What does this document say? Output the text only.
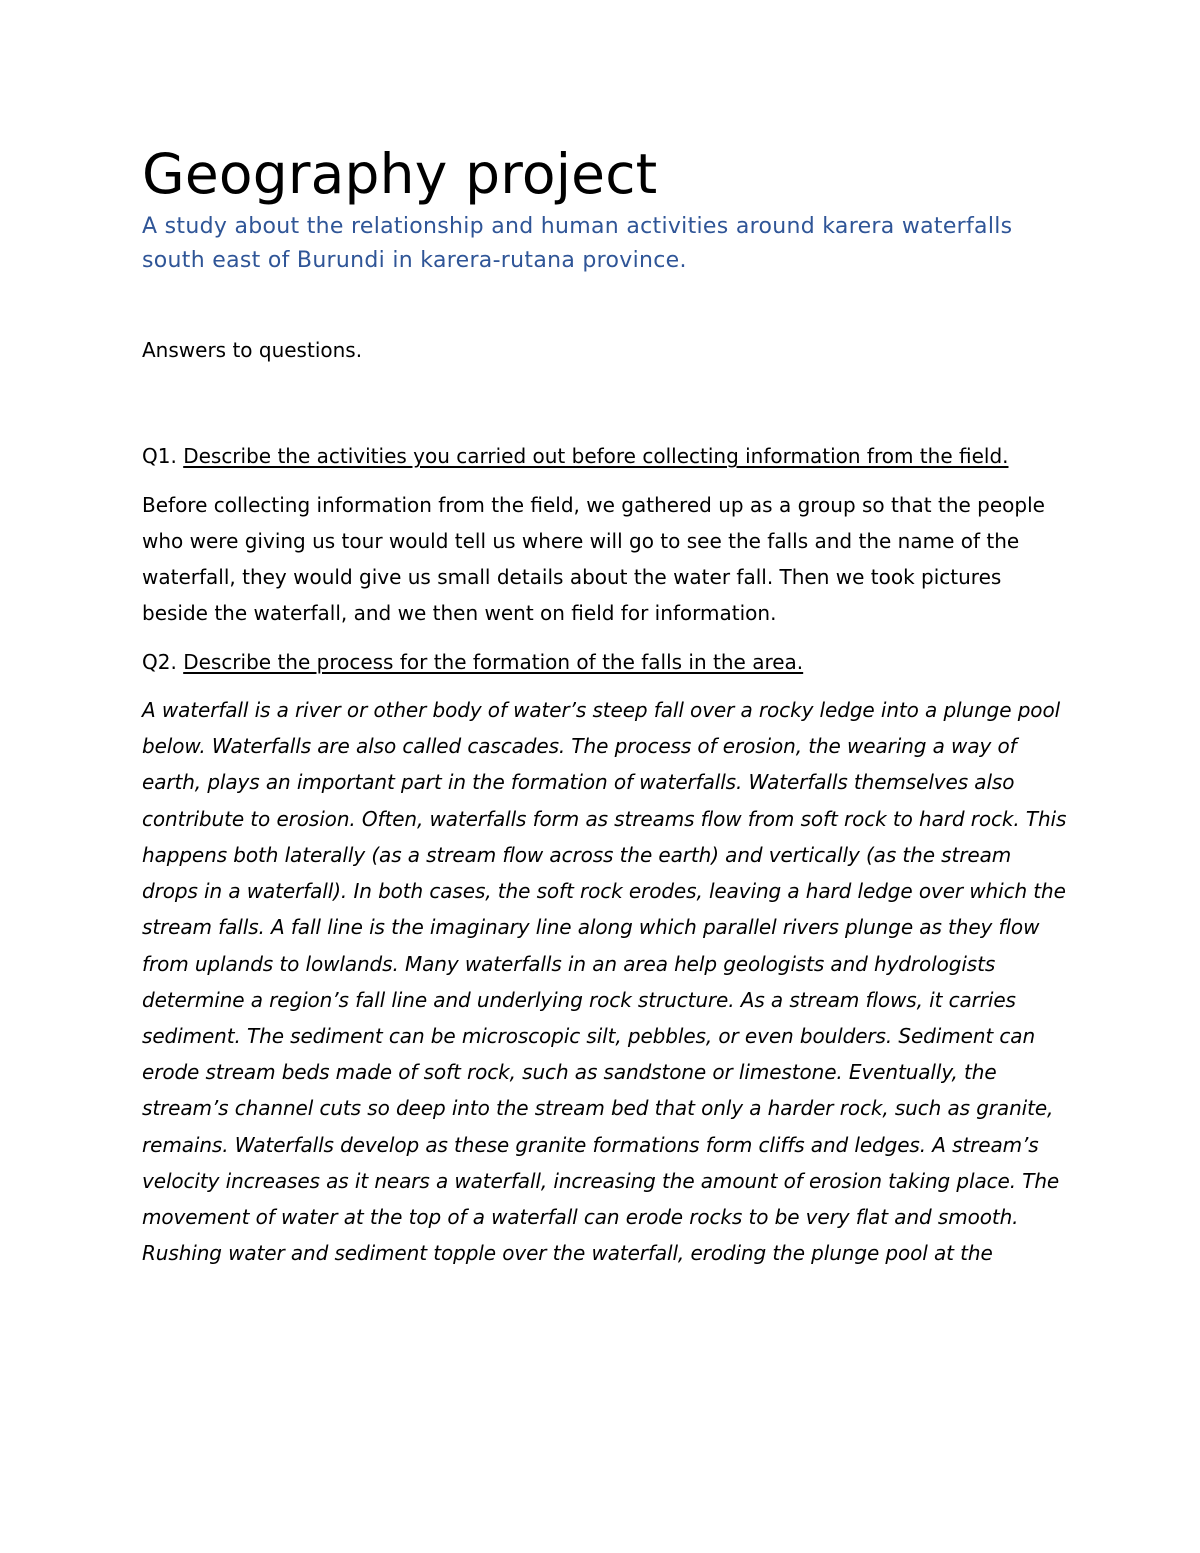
Geography project

A study about the relationship and human activities around karera waterfalls south east of Burundi in karera-rutana province.

Answers to questions.

Q1. Describe the activities you carried out before collecting information from the field.

Before collecting information from the field, we gathered up as a group so that the people who were giving us tour would tell us where will go to see the falls and the name of the waterfall, they would give us small details about the water fall. Then we took pictures beside the waterfall, and we then went on field for information.

Q2. Describe the process for the formation of the falls in the area.

A waterfall is a river or other body of water’s steep fall over a rocky ledge into a plunge pool below. Waterfalls are also called cascades. The process of erosion, the wearing a way of earth, plays an important part in the formation of waterfalls. Waterfalls themselves also contribute to erosion. Often, waterfalls form as streams flow from soft rock to hard rock. This happens both laterally (as a stream flow across the earth) and vertically (as the stream drops in a waterfall). In both cases, the soft rock erodes, leaving a hard ledge over which the stream falls. A fall line is the imaginary line along which parallel rivers plunge as they flow from uplands to lowlands. Many waterfalls in an area help geologists and hydrologists determine a region’s fall line and underlying rock structure. As a stream flows, it carries sediment. The sediment can be microscopic silt, pebbles, or even boulders. Sediment can erode stream beds made of soft rock, such as sandstone or limestone. Eventually, the stream’s channel cuts so deep into the stream bed that only a harder rock, such as granite, remains. Waterfalls develop as these granite formations form cliffs and ledges. A stream’s velocity increases as it nears a waterfall, increasing the amount of erosion taking place. The movement of water at the top of a waterfall can erode rocks to be very flat and smooth. Rushing water and sediment topple over the waterfall, eroding the plunge pool at the
